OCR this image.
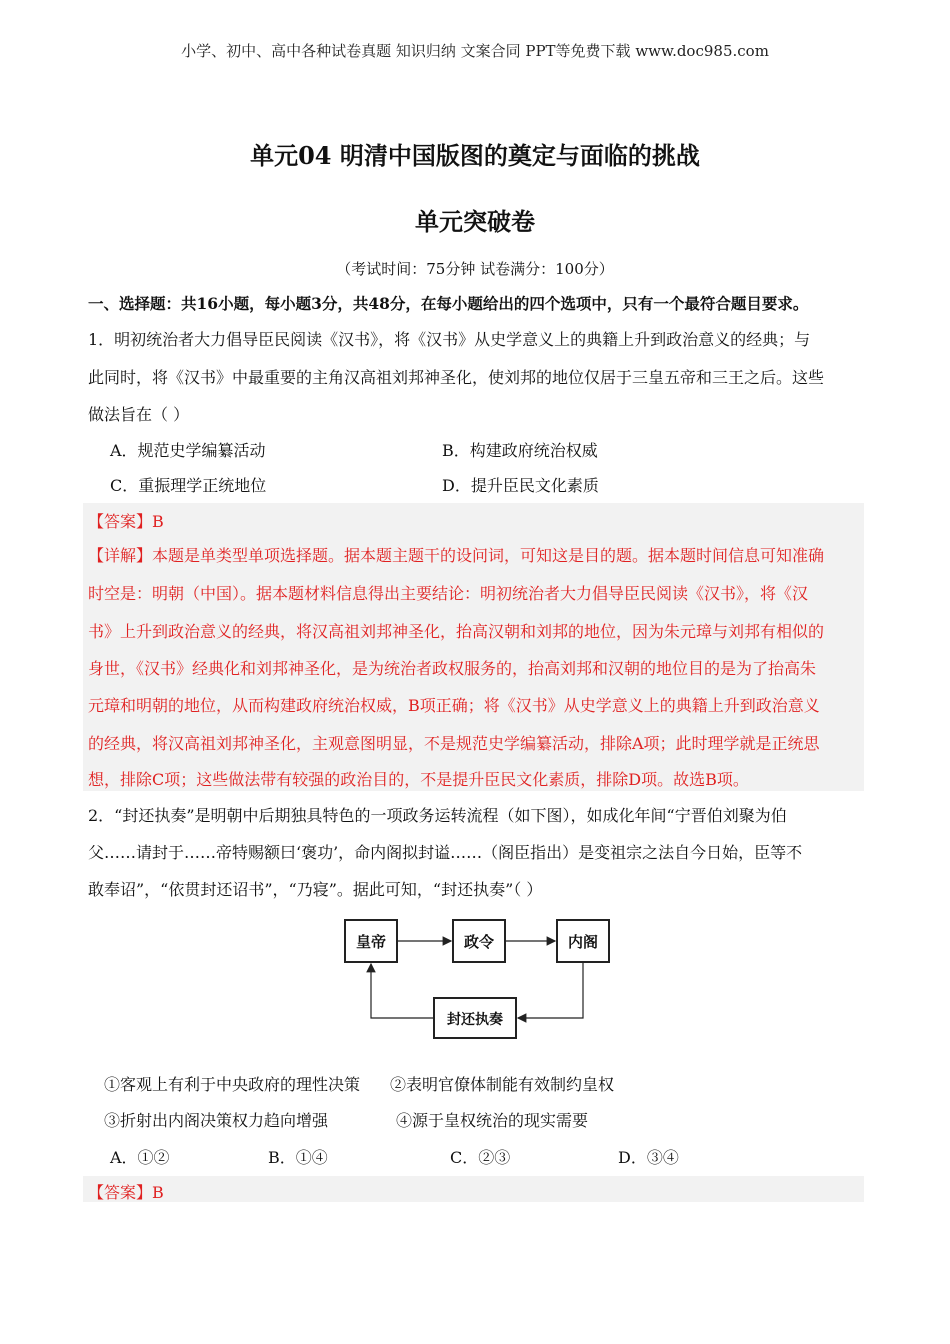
小学、初中、高中各种试卷真题 知识归纳 文案合同 PPT等免费下载 www.doc985.com
单元04 明清中国版图的奠定与面临的挑战
单元突破卷
（考试时间：75分钟 试卷满分：100分）
一、选择题：共16小题，每小题3分，共48分，在每小题给出的四个选项中，只有一个最符合题目要求。
1．明初统治者大力倡导臣民阅读《汉书》，将《汉书》从史学意义上的典籍上升到政治意义的经典；与
此同时，将《汉书》中最重要的主角汉高祖刘邦神圣化，使刘邦的地位仅居于三皇五帝和三王之后。这些
做法旨在（ ）
A．规范史学编纂活动	B．构建政府统治权威
C．重振理学正统地位	D．提升臣民文化素质
【答案】B
【详解】本题是单类型单项选择题。据本题主题干的设问词，可知这是目的题。据本题时间信息可知准确
时空是：明朝（中国）。据本题材料信息得出主要结论：明初统治者大力倡导臣民阅读《汉书》，将《汉
书》上升到政治意义的经典，将汉高祖刘邦神圣化，抬高汉朝和刘邦的地位，因为朱元璋与刘邦有相似的
身世，《汉书》经典化和刘邦神圣化，是为统治者政权服务的，抬高刘邦和汉朝的地位目的是为了抬高朱
元璋和明朝的地位，从而构建政府统治权威，B项正确；将《汉书》从史学意义上的典籍上升到政治意义
的经典，将汉高祖刘邦神圣化，主观意图明显，不是规范史学编纂活动，排除A项；此时理学就是正统思
想，排除C项；这些做法带有较强的政治目的，不是提升臣民文化素质，排除D项。故选B项。
2．“封还执奏”是明朝中后期独具特色的一项政务运转流程（如下图），如成化年间“宁晋伯刘聚为伯
父……请封于……帝特赐额曰‘褒功’，命内阁拟封谥……（阁臣指出）是变祖宗之法自今日始，臣等不
敢奉诏”，“依贯封还诏书”，“乃寝”。据此可知，“封还执奏”（ ）
皇帝	政令	内阁
封还执奏
①客观上有利于中央政府的理性决策 ②表明官僚体制能有效制约皇权
③折射出内阁决策权力趋向增强	④源于皇权统治的现实需要
A．①②	B．①④	C．②③	D．③④
【答案】B
